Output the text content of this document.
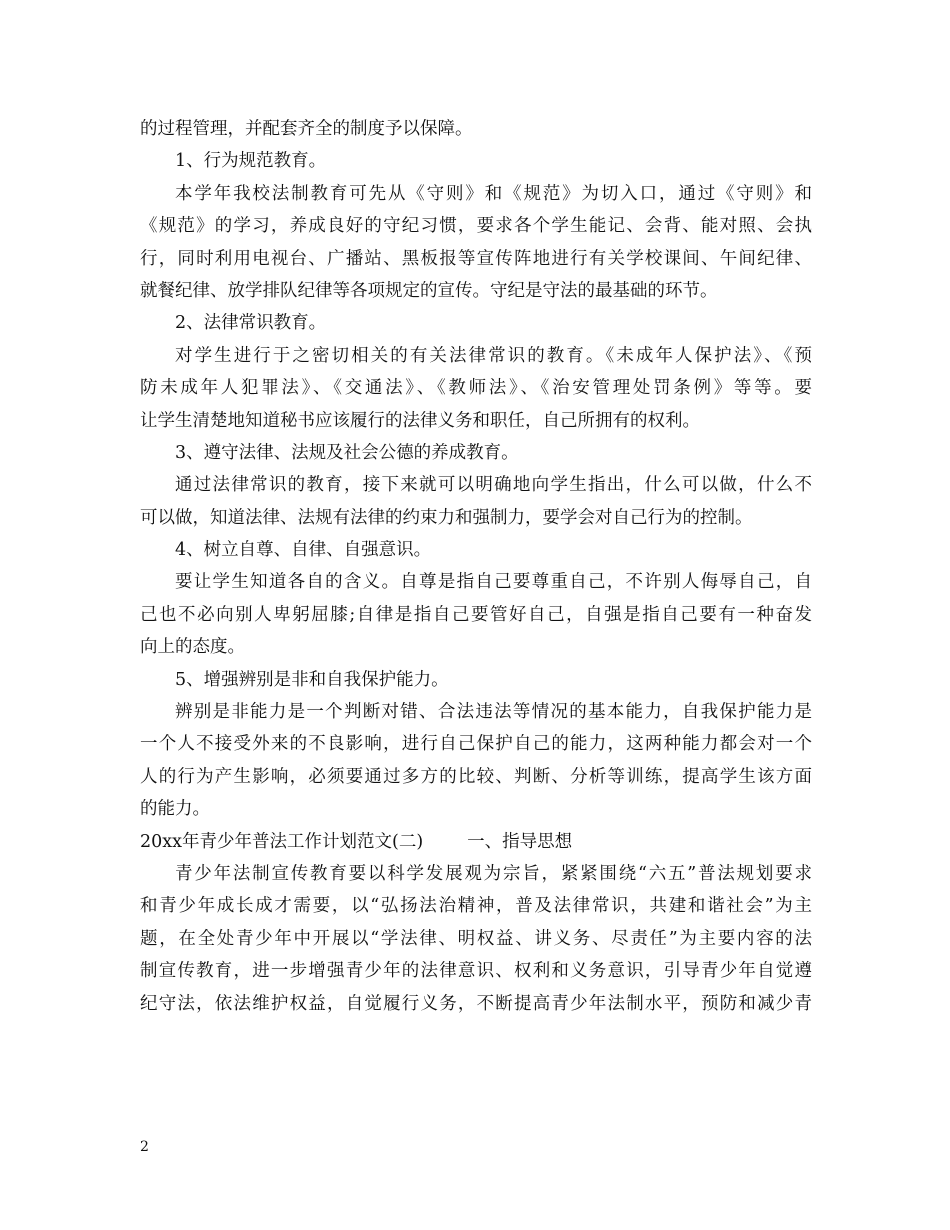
的过程管理，并配套齐全的制度予以保障。
1、行为规范教育。
本学年我校法制教育可先从《守则》和《规范》为切入口，通过《守则》和
《规范》的学习，养成良好的守纪习惯，要求各个学生能记、会背、能对照、会执
行，同时利用电视台、广播站、黑板报等宣传阵地进行有关学校课间、午间纪律、
就餐纪律、放学排队纪律等各项规定的宣传。守纪是守法的最基础的环节。
2、法律常识教育。
对学生进行于之密切相关的有关法律常识的教育。《未成年人保护法》、《预
防未成年人犯罪法》、《交通法》、《教师法》、《治安管理处罚条例》等等。要
让学生清楚地知道秘书应该履行的法律义务和职任，自己所拥有的权利。
3、遵守法律、法规及社会公德的养成教育。
通过法律常识的教育，接下来就可以明确地向学生指出，什么可以做，什么不
可以做，知道法律、法规有法律的约束力和强制力，要学会对自己行为的控制。
4、树立自尊、自律、自强意识。
要让学生知道各自的含义。自尊是指自己要尊重自己，不许别人侮辱自己，自
己也不必向别人卑躬屈膝;自律是指自己要管好自己，自强是指自己要有一种奋发
向上的态度。
5、增强辨别是非和自我保护能力。
辨别是非能力是一个判断对错、合法违法等情况的基本能力，自我保护能力是
一个人不接受外来的不良影响，进行自己保护自己的能力，这两种能力都会对一个
人的行为产生影响，必须要通过多方的比较、判断、分析等训练，提高学生该方面
的能力。
20xx年青少年普法工作计划范文(二)	一、指导思想
青少年法制宣传教育要以科学发展观为宗旨，紧紧围绕“六五”普法规划要求
和青少年成长成才需要，以“弘扬法治精神，普及法律常识，共建和谐社会”为主
题，在全处青少年中开展以“学法律、明权益、讲义务、尽责任”为主要内容的法
制宣传教育，进一步增强青少年的法律意识、权利和义务意识，引导青少年自觉遵
纪守法，依法维护权益，自觉履行义务，不断提高青少年法制水平，预防和减少青
2
